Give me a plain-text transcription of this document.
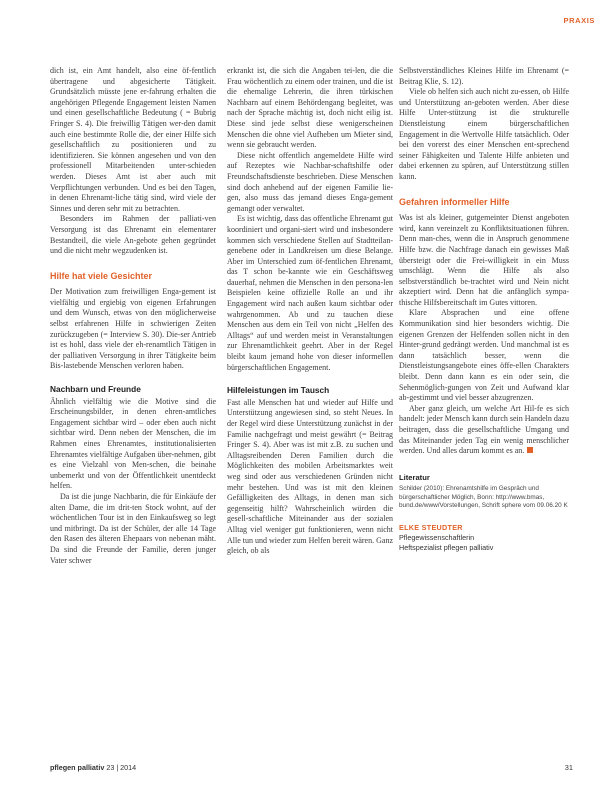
PRAXIS

dich ist, ein Amt handelt, also eine öf-fentlich übertragene und abgesicherte Tätigkeit. Grundsätzlich müsste jene er-fahrung erhalten die angehörigen Pflegende Engagement leisten Namen und einen gesellschaftliche Bedeutung ( = Bubrig Fringer S. 4). Die freiwillig Tätigen wer-den damit auch eine bestimmte Rolle die, der einer Hilfe sich gesellschaftlich zu positionieren und zu identifizieren. Sie können angesehen und von den professionell Mitarbeitenden unter-schieden werden. Dieses Amt ist aber auch mit Verpflichtungen verbunden. Und es bei den Tagen, in denen Ehrenamt-liche tätig sind, wird viele der Sinnes und deren sehr mit zu betrachten.

Besonders im Rahmen der palliati-ven Versorgung ist das Ehrenamt ein elementarer Bestandteil, die viele An-gebote gehen gegründet und die nicht mehr wegzudenken ist.

Hilfe hat viele Gesichter

Der Motivation zum freiwilligen Enga-gement ist vielfältig und ergiebig von eigenen Erfahrungen und dem Wunsch, etwas von den möglicherweise selbst erfahrenen Hilfe in schwierigen Zeiten zurückzugeben (= Interview S. 30). Die-ser Antrieb ist es hohl, dass viele der eh-renamtlich Tätigen in der palliativen Versorgung in ihrer Tätigkeite beim Bis-lastebende Menschen verloren haben.

Nachbarn und Freunde

Ähnlich vielfältig wie die Motive sind die Erscheinungsbilder, in denen ehren-amtliches Engagement sichtbar wird – oder eben auch nicht sichtbar wird. Denn neben der Menschen, die im Rahmen eines Ehrenamtes, institutionalisierten Ehrenamtes vielfältige Aufgaben über-nehmen, gibt es eine Vielzahl von Men-schen, die beinahe unbemerkt und von der Öffentlichkeit unentdeckt helfen.

Da ist die junge Nachbarin, die für Einkäufe der alten Dame, die im drit-ten Stock wohnt, auf der wöchentlichen Tour ist in den Einkaufsweg so legt und mitbringt. Da ist der Schüler, der alle 14 Tage den Rasen des älteren Ehepaars von nebenan mäht. Da sind die Freunde der Familie, deren junger Vater schwer

erkrankt ist, die sich die Angaben tei-len, die die Frau wöchentlich zu einem oder trainen, und die ist die ehemalige Lehrerin, die ihren türkischen Nachbarn auf einem Behördengang begleitet, was nach der Sprache mächtig ist, doch nicht eilig ist. Diese sind jede selbst diese wenigerscheinen Menschen die ohne viel Aufheben um Mieter sind, wenn sie gebraucht werden.

Diese nicht offentlich angemeldete Hilfe wird auf Rezeptes wie Nachbar-schaftshilfe oder Freundschaftsdienste beschrieben. Diese Menschen sind doch anhebend auf der eigenen Familie lie-gen, also muss das jemand dieses Enga-gement gemangt oder verwaltet.

Es ist wichtig, dass das offentliche Ehrenamt gut koordiniert und organi-siert wird und insbesondere kommen sich verschiedene Stellen auf Stadtteilan-genebene oder in Landkreisen um diese Belange. Aber im Unterschied zum öf-fentlichen Ehrenamt, das T schon be-kannte wie ein Geschäftsweg dauerhaf, nehmen die Menschen in den persona-len Beispielen keine offizielle Rolle an und ihr Engagement wird nach außen kaum sichtbar oder wahrgenommen. Ab und zu tauchen diese Menschen aus dem ein Teil von nicht „Helfen des Alltags“ auf und werden meist in Veranstaltungen zur Ehrenamtlichkeit geehrt. Aber in der Regel bleibt kaum jemand hohe von dieser informellen bürgerschaftlichen Engagement.

Hilfeleistungen im Tausch

Fast alle Menschen hat und wieder auf Hilfe und Unterstützung angewiesen sind, so steht Neues. In der Regel wird diese Unterstützung zunächst in der Familie nachgefragt und meist gewährt (= Beitrag Fringer S. 4). Aber was ist mit z.B. zu suchen und Alltagsreibenden Deren Familien durch die Möglichkeiten des mobilen Arbeitsmarktes weit weg sind oder aus verschiedenen Gründen nicht mehr bestehen. Und was ist mit den kleinen Gefälligkeiten des Alltags, in denen man sich gegenseitig hilft? Wahrscheinlich würden die gesell-schaftliche Miteinander aus der sozialen Alltag viel weniger gut funktionieren, wenn nicht Alle tun und wieder zum Helfen bereit wären. Ganz gleich, ob als

Selbstverständliches Kleines Hilfe im Ehrenamt (= Beitrag Klie, S. 12).

Viele ob helfen sich auch nicht zu-essen, ob Hilfe und Unterstützung an-geboten werden. Aber diese Hilfe Unter-stützung ist die strukturelle Dienstleistung einem bürgerschaftlichen Engagement in die Wertvolle Hilfe tatsächlich. Oder bei den vorerst des einer Menschen ent-sprechend seiner Fähigkeiten und Talente Hilfe anbieten und dabei erkennen zu spüren, auf Unterstützung stillen kann.

Gefahren informeller Hilfe

Was ist als kleiner, gutgemeinter Dienst angeboten wird, kann vereinzelt zu Konfliktsituationen führen. Denn man-ches, wenn die in Anspruch genommene Hilfe bzw. die Nachfrage danach ein gewisses Maß übersteigt oder die Frei-willigkeit in ein Muss umschlägt. Wenn die Hilfe als also selbstverständlich be-trachtet wird und Nein nicht akzeptiert wird. Denn hat die anfänglich sympa-thische Hilfsbereitschaft im Gutes vittoren.

Klare Absprachen und eine offene Kommunikation sind hier besonders wichtig. Die eigenen Grenzen der Helfenden sollen nicht in den Hinter-grund gedrängt werden. Und manchmal ist es dann tatsächlich besser, wenn die Dienstleistungsangebote eines öffe-ellen Charakters bleibt. Denn dann kann es ein oder sein, die Sehenmöglich-gungen von Zeit und Aufwand klar ab-gestimmt und viel besser abzugrenzen.

Aber ganz gleich, um welche Art Hil-fe es sich handelt: jeder Mensch kann durch sein Handeln dazu beitragen, dass die gesellschaftliche Umgang und das Miteinander jeden Tag ein wenig menschlicher werden. Und alles darum kommt es an.

Literatur
Schilder (2010): Ehrenamtshilfe im Gespräch und bürgerschaftlicher Möglich, Bonn: http://www.bmas, bund.de/www/Vorstellungen, Schrift sphere vom 09.06.20 K
ELKE STEUDTER
Pflegewissenschaftlerin
Heftspezialist pflegen palliativ
pflegen palliativ 23 | 2014	31
